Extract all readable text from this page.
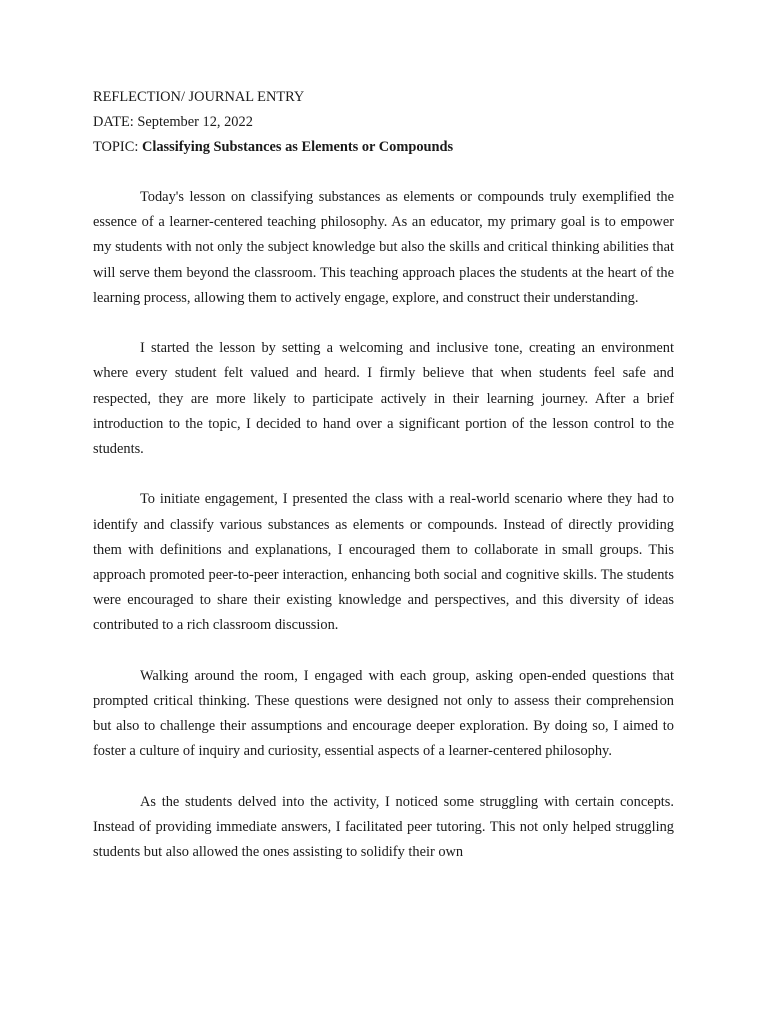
REFLECTION/ JOURNAL ENTRY

DATE: September 12, 2022

TOPIC: Classifying Substances as Elements or Compounds

Today's lesson on classifying substances as elements or compounds truly exemplified the essence of a learner-centered teaching philosophy. As an educator, my primary goal is to empower my students with not only the subject knowledge but also the skills and critical thinking abilities that will serve them beyond the classroom. This teaching approach places the students at the heart of the learning process, allowing them to actively engage, explore, and construct their understanding.

I started the lesson by setting a welcoming and inclusive tone, creating an environment where every student felt valued and heard. I firmly believe that when students feel safe and respected, they are more likely to participate actively in their learning journey. After a brief introduction to the topic, I decided to hand over a significant portion of the lesson control to the students.

To initiate engagement, I presented the class with a real-world scenario where they had to identify and classify various substances as elements or compounds. Instead of directly providing them with definitions and explanations, I encouraged them to collaborate in small groups. This approach promoted peer-to-peer interaction, enhancing both social and cognitive skills. The students were encouraged to share their existing knowledge and perspectives, and this diversity of ideas contributed to a rich classroom discussion.

Walking around the room, I engaged with each group, asking open-ended questions that prompted critical thinking. These questions were designed not only to assess their comprehension but also to challenge their assumptions and encourage deeper exploration. By doing so, I aimed to foster a culture of inquiry and curiosity, essential aspects of a learner-centered philosophy.

As the students delved into the activity, I noticed some struggling with certain concepts. Instead of providing immediate answers, I facilitated peer tutoring. This not only helped struggling students but also allowed the ones assisting to solidify their own
